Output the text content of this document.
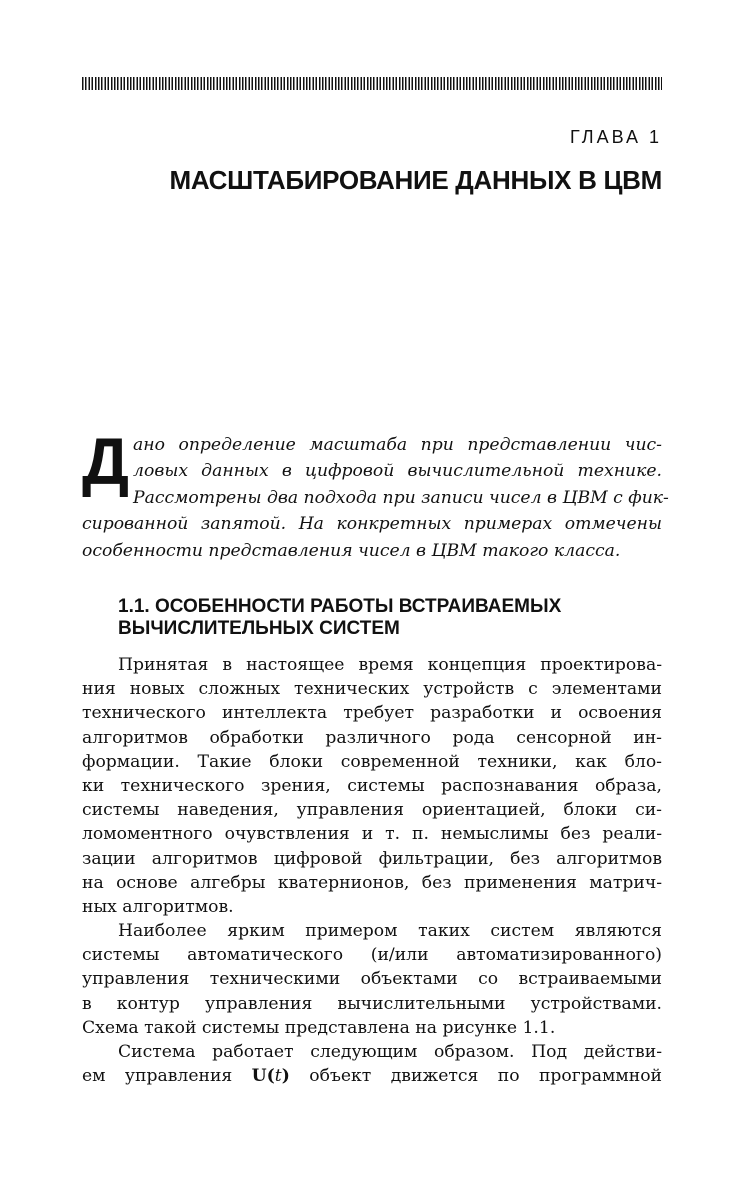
ГЛАВА 1
МАСШТАБИРОВАНИЕ ДАННЫХ В ЦВМ
Д ано определение масштаба при представлении чис-
ловых данных в цифровой вычислительной технике.
Рассмотрены два подхода при записи чисел в ЦВМ с фик-
сированной запятой. На конкретных примерах отмечены
особенности представления чисел в ЦВМ такого класса.
1.1. ОСОБЕННОСТИ РАБОТЫ ВСТРАИВАЕМЫХ
ВЫЧИСЛИТЕЛЬНЫХ СИСТЕМ
Принятая в настоящее время концепция проектирова-
ния новых сложных технических устройств с элементами
технического интеллекта требует разработки и освоения
алгоритмов обработки различного рода сенсорной ин-
формации. Такие блоки современной техники, как бло-
ки технического зрения, системы распознавания образа,
системы наведения, управления ориентацией, блоки си-
ломоментного очувствления и т. п. немыслимы без реали-
зации алгоритмов цифровой фильтрации, без алгоритмов
на основе алгебры кватернионов, без применения матрич-
ных алгоритмов.
Наиболее ярким примером таких систем являются
системы автоматического (и/или автоматизированного)
управления техническими объектами со встраиваемыми
в контур управления вычислительными устройствами.
Схема такой системы представлена на рисунке 1.1.
Система работает следующим образом. Под действи-
ем управления U(t) объект движется по программной
